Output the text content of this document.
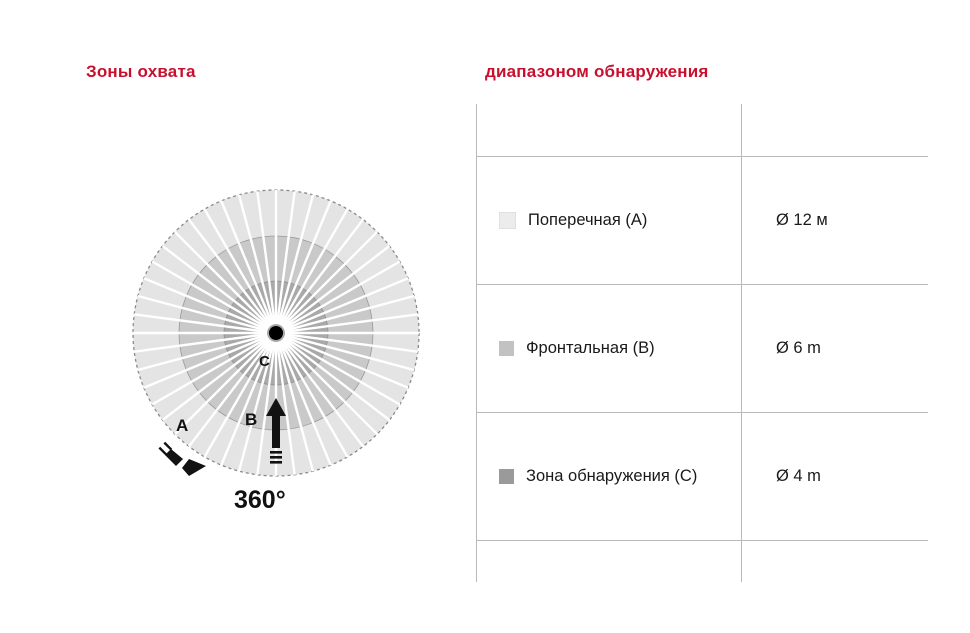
Зоны охвата	диапазоном обнаружения
C
B
A
360°

Поперечная (A)	Ø 12 м

Фронтальная (B)	Ø 6 m

Зона обнаружения (C)	Ø 4 m
